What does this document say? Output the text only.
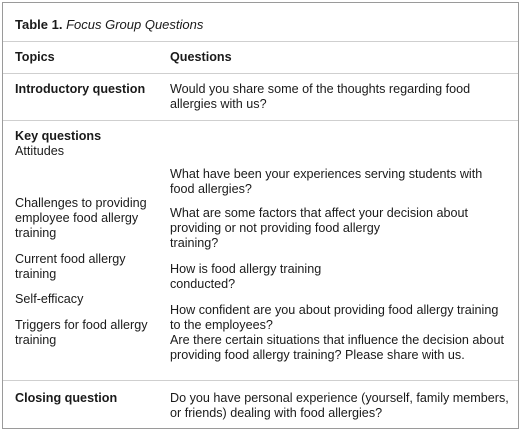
Table 1. Focus Group Questions
Topics	Questions
Introductory question Would you share some of the thoughts regarding food
allergies with us?
Key questions
Attitudes
Challenges to providing
employee food allergy
training
Current food allergy
training
Self-efficacy
Triggers for food allergy
training
What have been your experiences serving students with
food allergies?
What are some factors that affect your decision about
providing or not providing food allergy
training?
How is food allergy training
conducted?
How confident are you about providing food allergy training
to the employees?
Are there certain situations that influence the decision about
providing food allergy training? Please share with us.
Closing question	Do you have personal experience (yourself, family members,
or friends) dealing with food allergies?
